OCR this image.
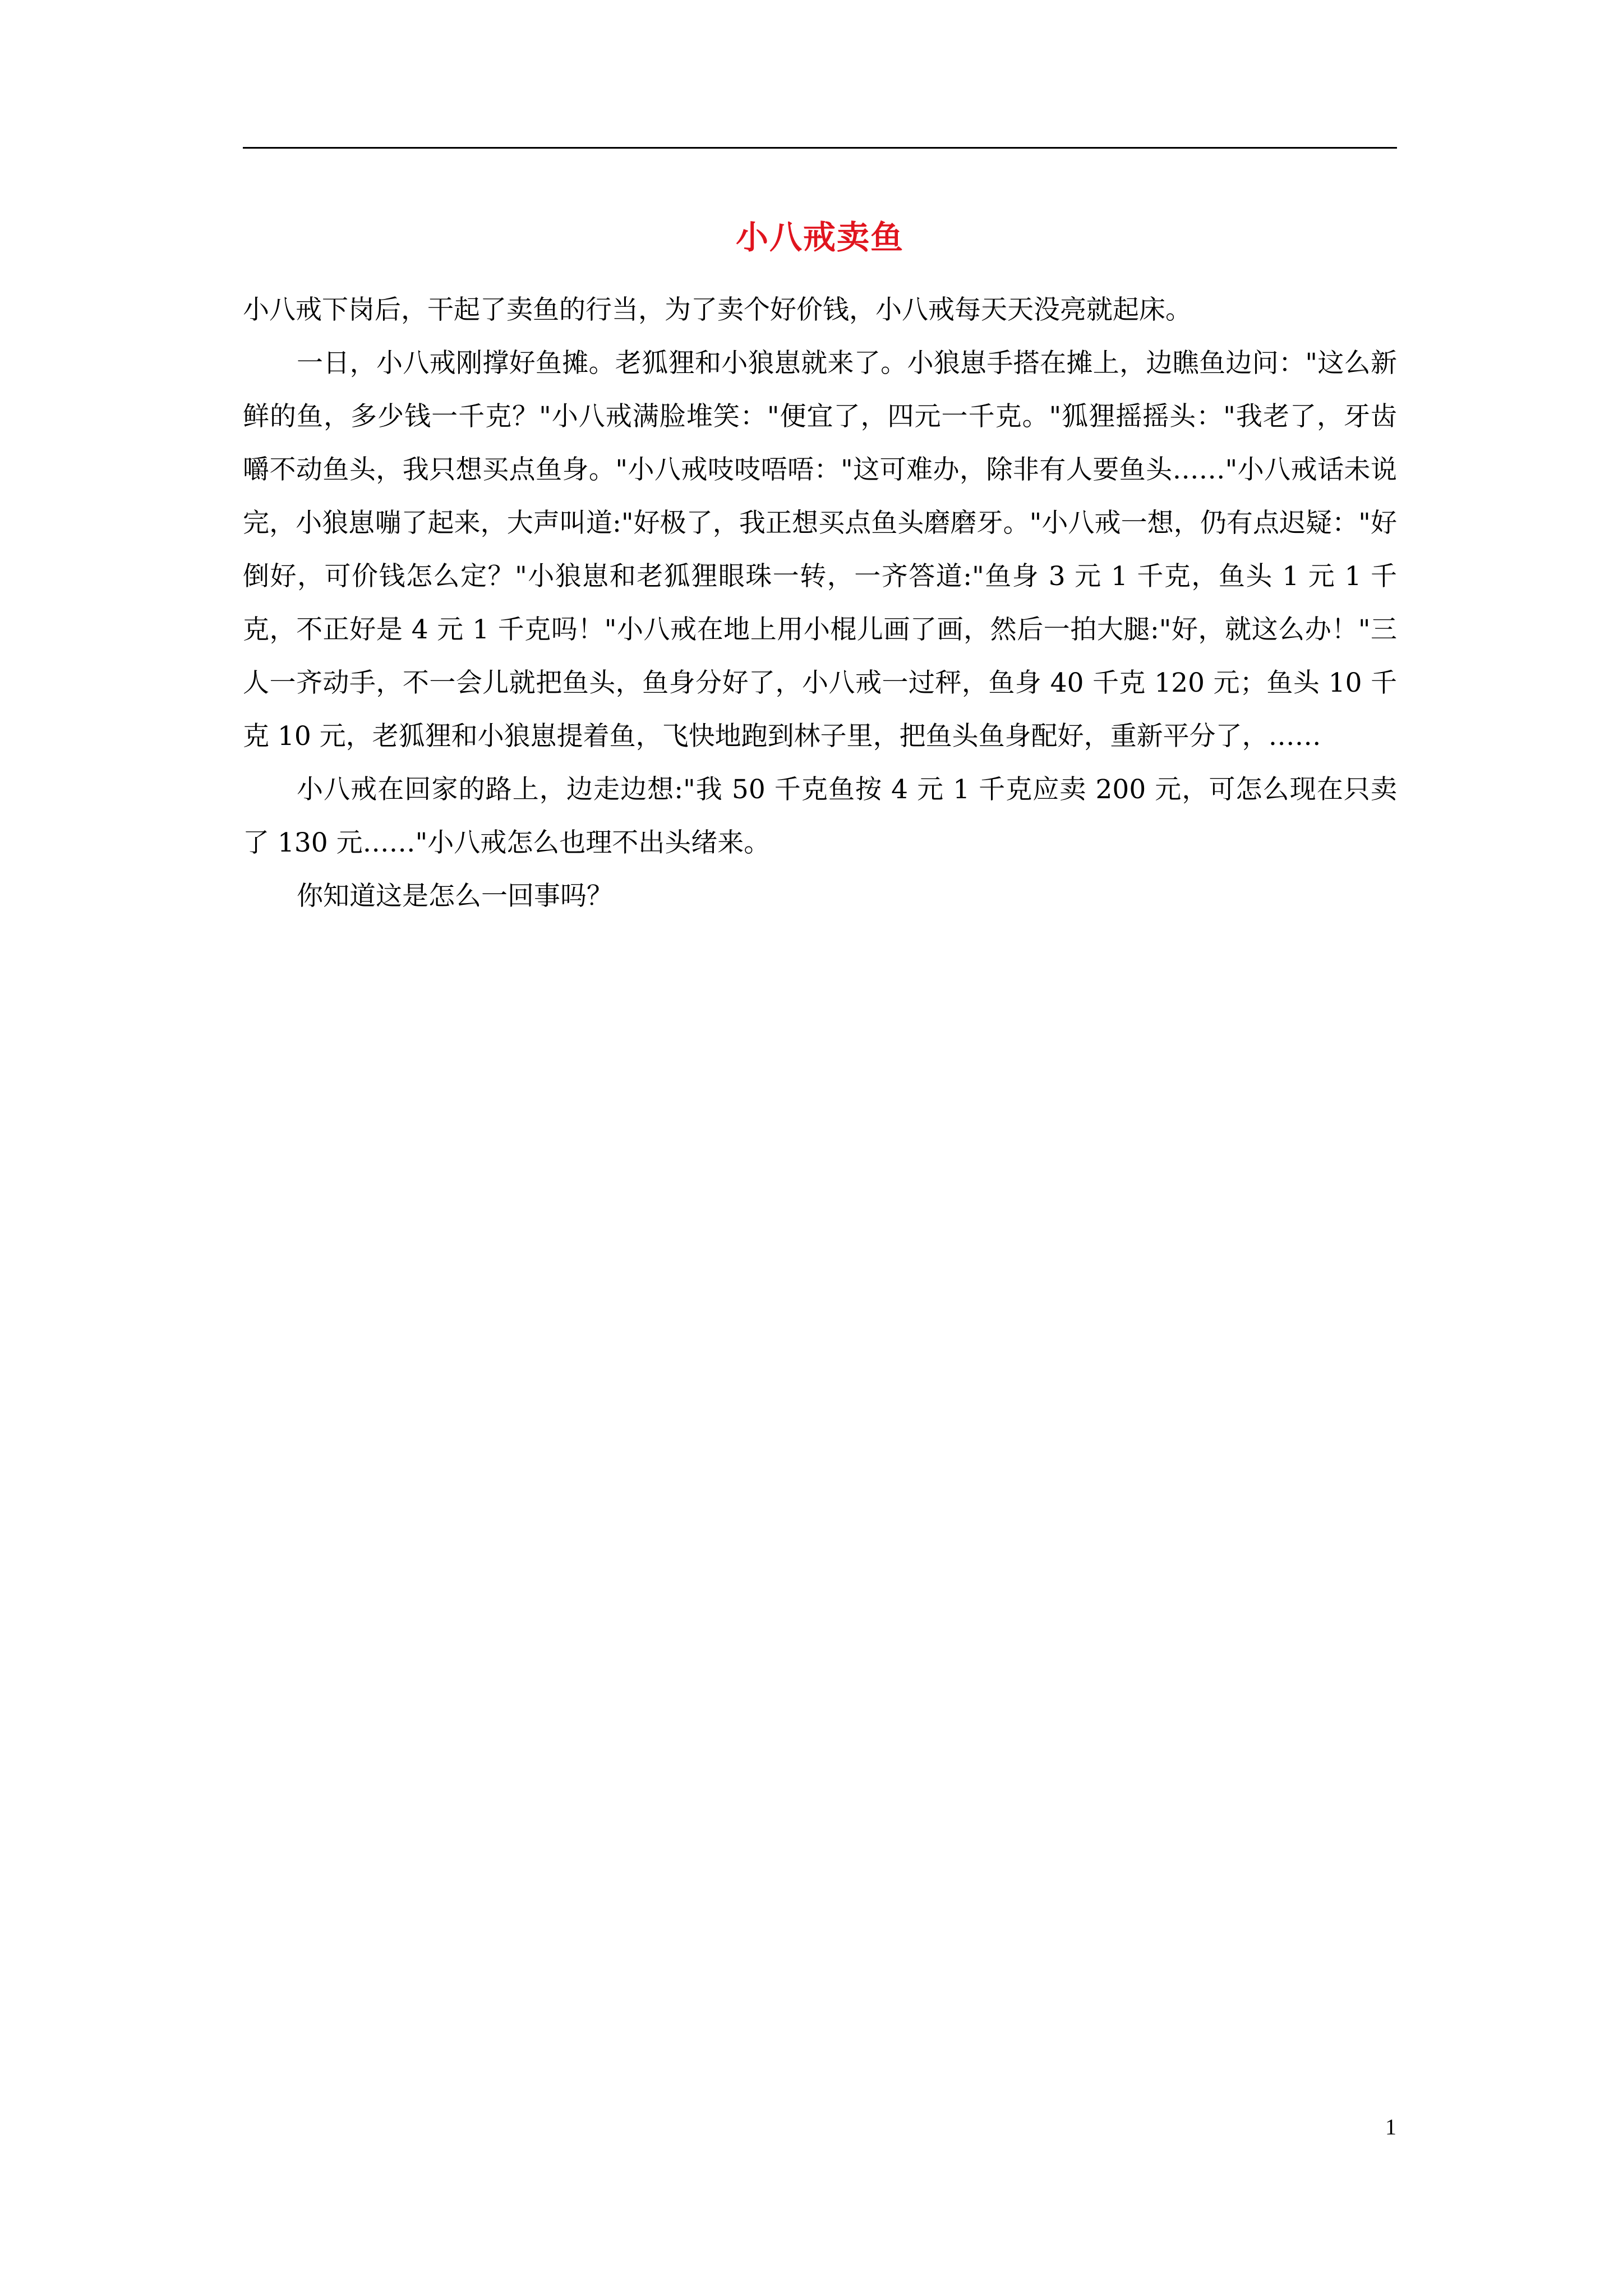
小八戒卖鱼

小八戒下岗后，干起了卖鱼的行当，为了卖个好价钱，小八戒每天天没亮就起床。

一日，小八戒刚撑好鱼摊。老狐狸和小狼崽就来了。小狼崽手搭在摊上，边瞧鱼边问："这么新鲜的鱼，多少钱一千克？"小八戒满脸堆笑："便宜了，四元一千克。"狐狸摇摇头："我老了，牙齿嚼不动鱼头，我只想买点鱼身。"小八戒吱吱唔唔："这可难办，除非有人要鱼头……"小八戒话未说完，小狼崽嘣了起来，大声叫道:"好极了，我正想买点鱼头磨磨牙。"小八戒一想，仍有点迟疑："好倒好，可价钱怎么定？"小狼崽和老狐狸眼珠一转，一齐答道:"鱼身 3 元 1 千克，鱼头 1 元 1 千克，不正好是 4 元 1 千克吗！"小八戒在地上用小棍儿画了画，然后一拍大腿:"好，就这么办！"三人一齐动手，不一会儿就把鱼头，鱼身分好了，小八戒一过秤，鱼身 40 千克 120 元；鱼头 10 千克 10 元，老狐狸和小狼崽提着鱼，飞快地跑到林子里，把鱼头鱼身配好，重新平分了，……

小八戒在回家的路上，边走边想:"我 50 千克鱼按 4 元 1 千克应卖 200 元，可怎么现在只卖了 130 元……"小八戒怎么也理不出头绪来。

你知道这是怎么一回事吗？

1
